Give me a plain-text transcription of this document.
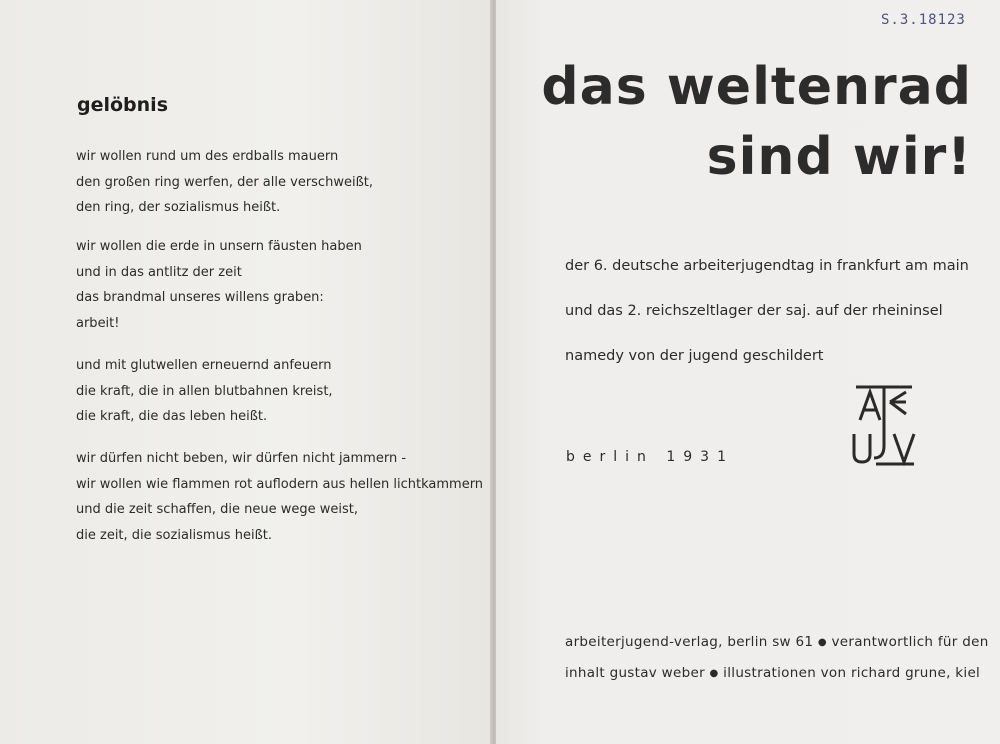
gelöbnis
wir wollen rund um des erdballs mauern
den großen ring werfen, der alle verschweißt,
den ring, der sozialismus heißt.
wir wollen die erde in unsern fäusten haben
und in das antlitz der zeit
das brandmal unseres willens graben:
arbeit!
und mit glutwellen erneuernd anfeuern
die kraft, die in allen blutbahnen kreist,
die kraft, die das leben heißt.
wir dürfen nicht beben, wir dürfen nicht jammern -
wir wollen wie flammen rot auflodern aus hellen lichtkammern
und die zeit schaffen, die neue wege weist,
die zeit, die sozialismus heißt.
S.3.18123
das weltenrad
sind wir!
der 6. deutsche arbeiterjugendtag in frankfurt am main
und das 2. reichszeltlager der saj. auf der rheininsel
namedy von der jugend geschildert
berlin 1931
arbeiterjugend-verlag, berlin sw 61 ● verantwortlich für den
inhalt gustav weber ● illustrationen von richard grune, kiel
